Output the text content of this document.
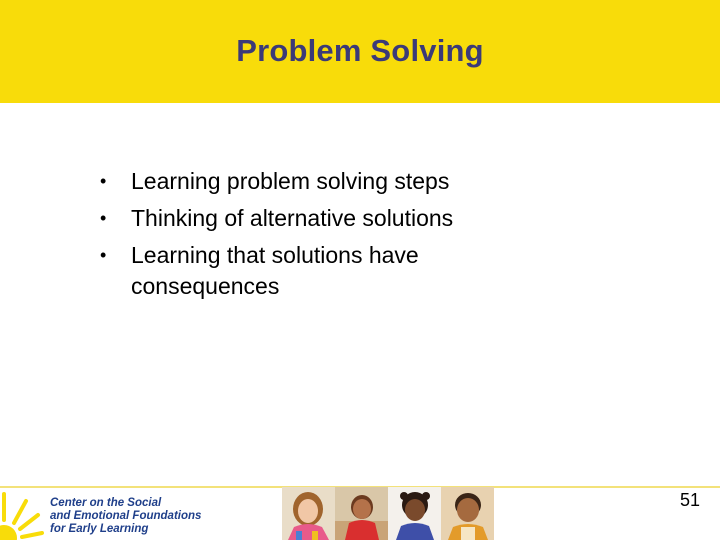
Problem Solving
• Learning problem solving steps
• Thinking of alternative solutions
• Learning that solutions have consequences
Center on the Social
and Emotional Foundations
for Early Learning
51
